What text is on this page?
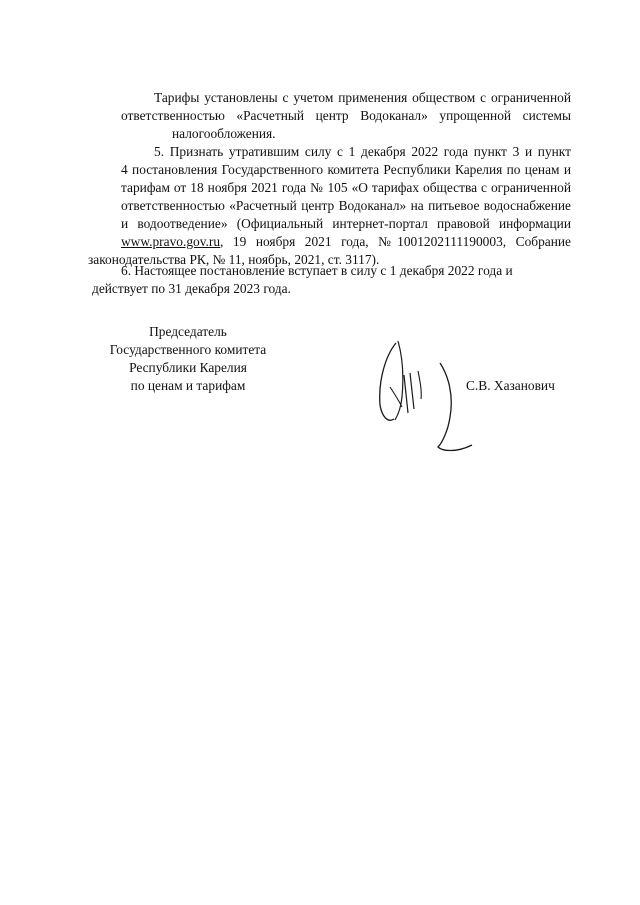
Тарифы установлены с учетом применения обществом с ограниченной
ответственностью «Расчетный центр Водоканал» упрощенной системы
налогообложения.

5. Признать утратившим силу с 1 декабря 2022 года пункт 3 и пункт
4 постановления Государственного комитета Республики Карелия по ценам и
тарифам от 18 ноября 2021 года № 105 «О тарифах общества с ограниченной
ответственностью «Расчетный центр Водоканал» на питьевое водоснабжение
и водоотведение» (Официальный интернет-портал правовой информации
www.pravo.gov.ru, 19 ноября 2021 года, №1001202111190003, Собрание
законодательства РК, № 11, ноябрь, 2021, ст. 3117).

6. Настоящее постановление вступает в силу с 1 декабря 2022 года и
действует по 31 декабря 2023 года.
Председатель
Государственного комитета
Республики Карелия
по ценам и тарифам	С.В. Хазанович
